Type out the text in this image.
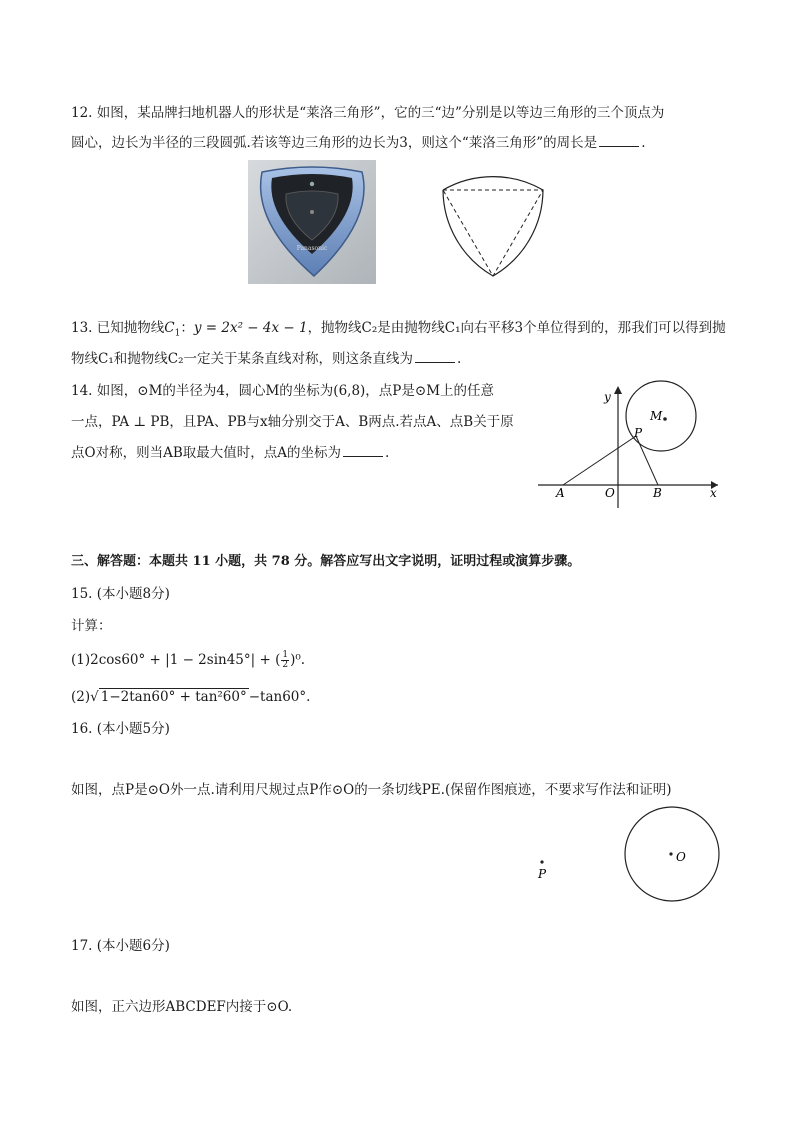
12. 如图，某品牌扫地机器人的形状是“莱洛三角形”，它的三“边”分别是以等边三角形的三个顶点为
圆心，边长为半径的三段圆弧.若该等边三角形的边长为3，则这个“莱洛三角形”的周长是	.
Panasonic
13. 已知抛物线$C_1$：y = 2x² − 4x − 1，抛物线C₂是由抛物线C₁向右平移3个单位得到的，那我们可以得到抛
物线C₁和抛物线C₂一定关于某条直线对称，则这条直线为	.
14. 如图，⊙M的半径为4，圆心M的坐标为(6,8)，点P是⊙M上的任意
一点，PA ⊥ PB，且PA、PB与x轴分别交于A、B两点.若点A、点B关于原
点O对称，则当AB取最大值时，点A的坐标为	.
y
x
M
P
A	O	B
三、解答题：本题共 11 小题，共 78 分。解答应写出文字说明，证明过程或演算步骤。
15. (本小题8分)
计算：
(1)2cos60° + |1 − 2sin45°| + ( $\frac{1}{2} )^0$.
(2)√ 1−2tan60° + tan²60° −tan60°.
16. (本小题5分)
如图，点P是⊙O外一点.请利用尺规过点P作⊙O的一条切线PE.(保留作图痕迹，不要求写作法和证明)
P
O
17. (本小题6分)
如图，正六边形ABCDEF内接于⊙O.
